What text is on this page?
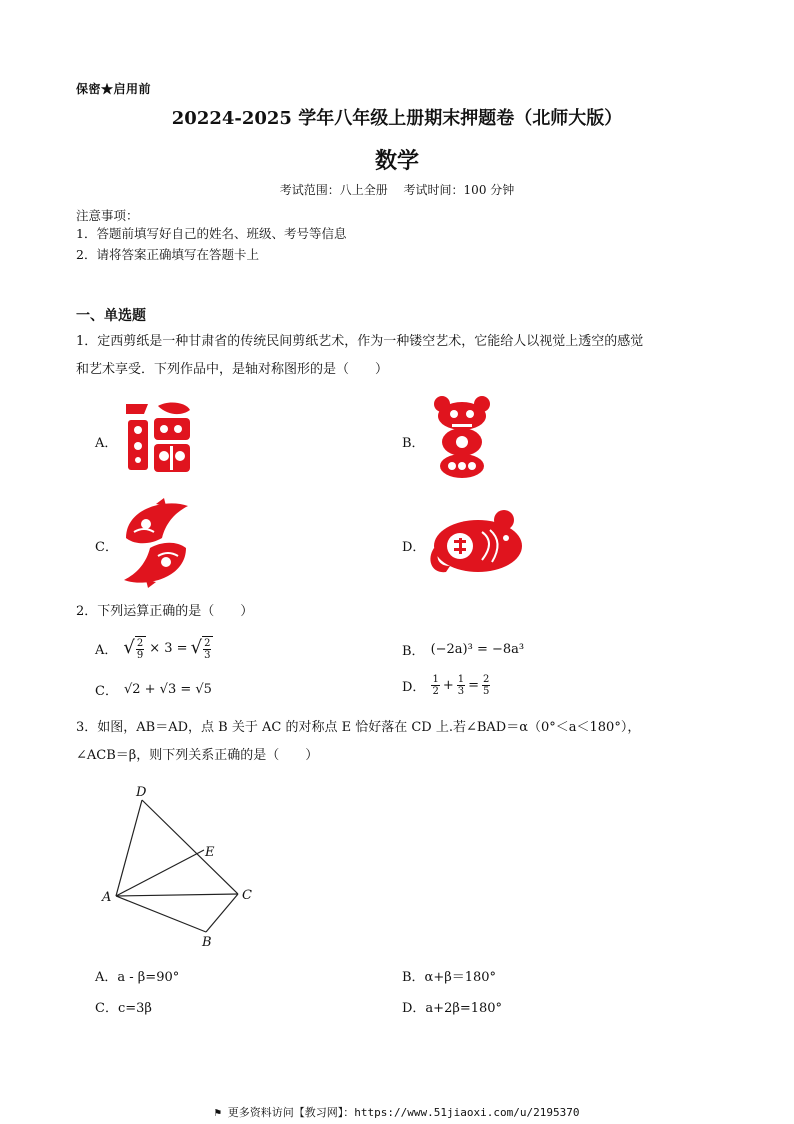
保密★启用前
20224-2025 学年八年级上册期末押题卷（北师大版）
数学
考试范围：八上全册 考试时间：100 分钟
注意事项：
1．答题前填写好自己的姓名、班级、考号等信息
2．请将答案正确填写在答题卡上
一、单选题
1．定西剪纸是一种甘肃省的传统民间剪纸艺术，作为一种镂空艺术，它能给人以视觉上透空的感觉
和艺术享受．下列作品中，是轴对称图形的是（　　）
A．	B．
C．	D．
2．下列运算正确的是（　　）
A． √ $\frac{2}{9} \times 3$ = √ $\frac{2}{3}$	B． (−2a)³ = −8a³
C． √2 + √3 = √5	D． $\frac{1}{2} + \frac{1}{3} = \frac{2}{5}$
3．如图，AB＝AD，点 B 关于 AC 的对称点 E 恰好落在 CD 上.若∠BAD＝α（0°＜a＜180°），
∠ACB＝β，则下列关系正确的是（　　）
D
E
A	C
B
A．a - β=90°	B．α+β＝180°
C．c=3β	D．a+2β=180°
⚑ 更多资料访问【教习网】：https://www.51jiaoxi.com/u/2195370
